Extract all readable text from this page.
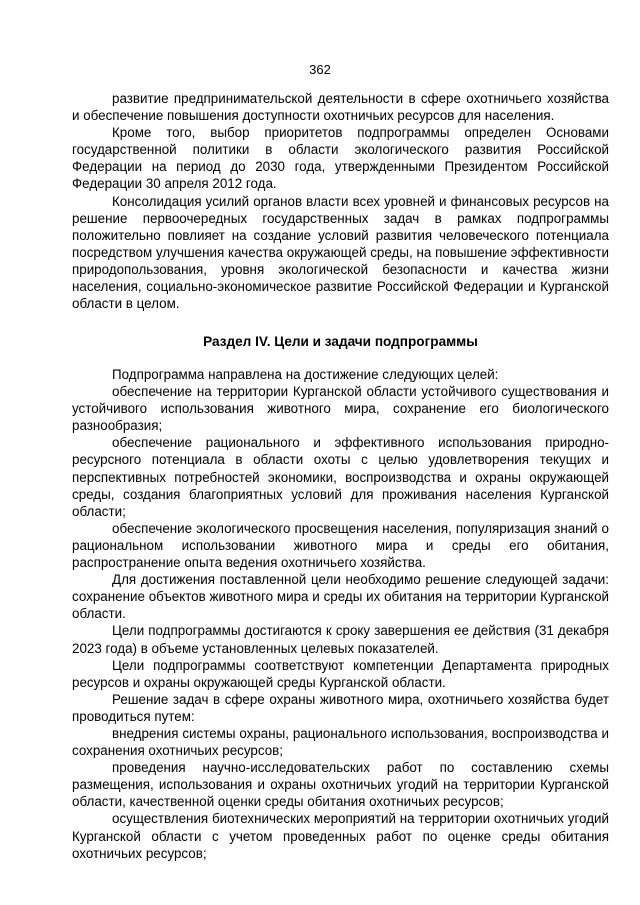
362

развитие предпринимательской деятельности в сфере охотничьего хозяйства и обеспечение повышения доступности охотничьих ресурсов для населения.

Кроме того, выбор приоритетов подпрограммы определен Основами государственной политики в области экологического развития Российской Федерации на период до 2030 года, утвержденными Президентом Российской Федерации 30 апреля 2012 года.

Консолидация усилий органов власти всех уровней и финансовых ресурсов на решение первоочередных государственных задач в рамках подпрограммы положительно повлияет на создание условий развития человеческого потенциала посредством улучшения качества окружающей среды, на повышение эффективности природопользования, уровня экологической безопасности и качества жизни населения, социально-экономическое развитие Российской Федерации и Курганской области в целом.

Раздел IV. Цели и задачи подпрограммы

Подпрограмма направлена на достижение следующих целей:

обеспечение на территории Курганской области устойчивого существования и устойчивого использования животного мира, сохранение его биологического разнообразия;

обеспечение рационального и эффективного использования природно-ресурсного потенциала в области охоты с целью удовлетворения текущих и перспективных потребностей экономики, воспроизводства и охраны окружающей среды, создания благоприятных условий для проживания населения Курганской области;

обеспечение экологического просвещения населения, популяризация знаний о рациональном использовании животного мира и среды его обитания, распространение опыта ведения охотничьего хозяйства.

Для достижения поставленной цели необходимо решение следующей задачи: сохранение объектов животного мира и среды их обитания на территории Курганской области.

Цели подпрограммы достигаются к сроку завершения ее действия (31 декабря 2023 года) в объеме установленных целевых показателей.

Цели подпрограммы соответствуют компетенции Департамента природных ресурсов и охраны окружающей среды Курганской области.

Решение задач в сфере охраны животного мира, охотничьего хозяйства будет проводиться путем:

внедрения системы охраны, рационального использования, воспроизводства и сохранения охотничьих ресурсов;

проведения научно-исследовательских работ по составлению схемы размещения, использования и охраны охотничьих угодий на территории Курганской области, качественной оценки среды обитания охотничьих ресурсов;

осуществления биотехнических мероприятий на территории охотничьих угодий Курганской области с учетом проведенных работ по оценке среды обитания охотничьих ресурсов;
